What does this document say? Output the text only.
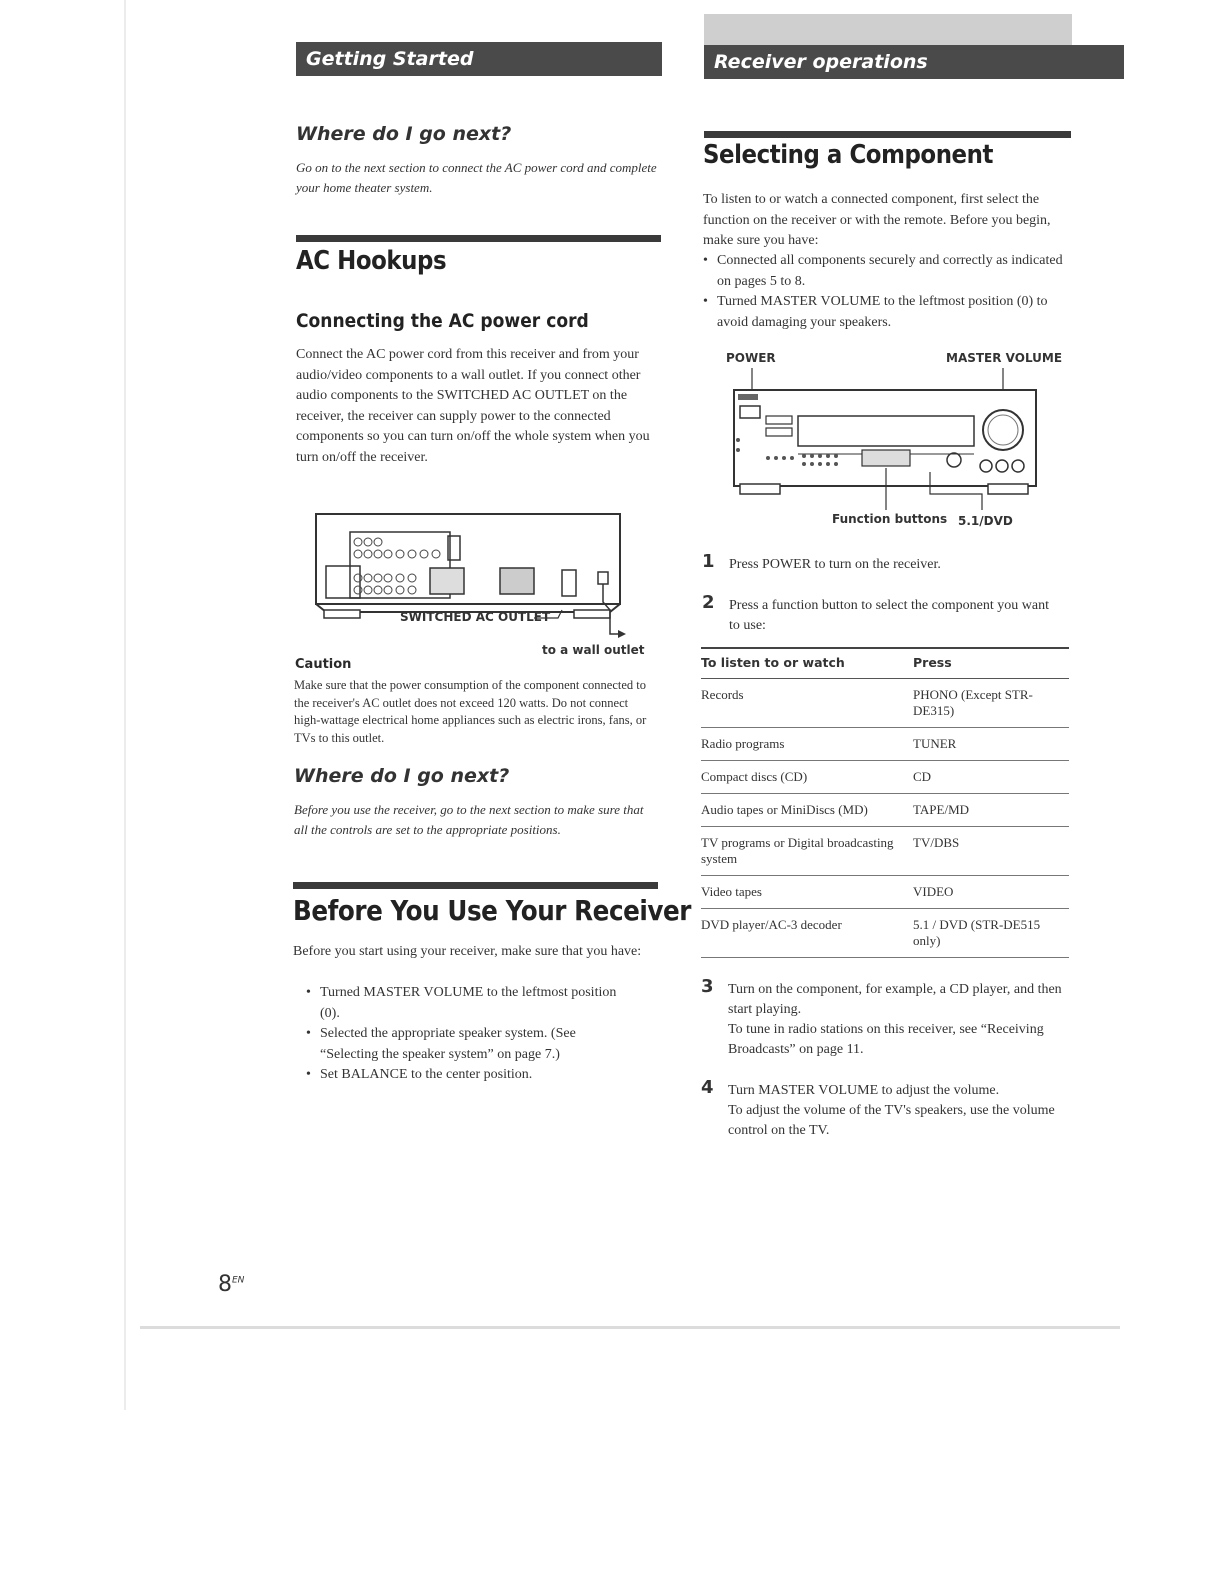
Getting Started	Receiver operations
Where do I go next?

Go on to the next section to connect the AC power cord and complete your home theater system.

AC Hookups
Connecting the AC power cord

Connect the AC power cord from this receiver and from your audio/video components to a wall outlet. If you connect other audio components to the SWITCHED AC OUTLET on the receiver, the receiver can supply power to the connected components so you can turn on/off the whole system when you turn on/off the receiver.

SWITCHED AC OUTLET
to a wall outlet
Caution

Make sure that the power consumption of the component connected to the receiver's AC outlet does not exceed 120 watts. Do not connect high-wattage electrical home appliances such as electric irons, fans, or TVs to this outlet.

Where do I go next?

Before you use the receiver, go to the next section to make sure that all the controls are set to the appropriate positions.

Before You Use Your Receiver

Before you start using your receiver, make sure that you have:

• Turned MASTER VOLUME to the leftmost position (0).
• Selected the appropriate speaker system. (See “Selecting the speaker system” on page 7.)
• Set BALANCE to the center position.
Selecting a Component

To listen to or watch a connected component, first select the function on the receiver or with the remote. Before you begin, make sure you have:

• Connected all components securely and correctly as indicated on pages 5 to 8.
• Turned MASTER VOLUME to the leftmost position (0) to avoid damaging your speakers.
POWER	MASTER VOLUME
Function buttons 5.1/DVD
1 Press POWER to turn on the receiver.

2 Press a function button to select the component you want to use:

To listen to or watch	Press
Records	PHONO (Except STR-DE315)
Radio programs	TUNER
Compact discs (CD)	CD
Audio tapes or MiniDiscs (MD)	TAPE/MD
TV programs or Digital broadcasting system	TV/DBS
Video tapes	VIDEO
DVD player/AC-3 decoder	5.1 / DVD (STR-DE515 only)
3 Turn on the component, for example, a CD player, and then start playing.

To tune in radio stations on this receiver, see “Receiving Broadcasts” on page 11.

4 Turn MASTER VOLUME to adjust the volume.

To adjust the volume of the TV's speakers, use the volume control on the TV.

$8^{EN}$
